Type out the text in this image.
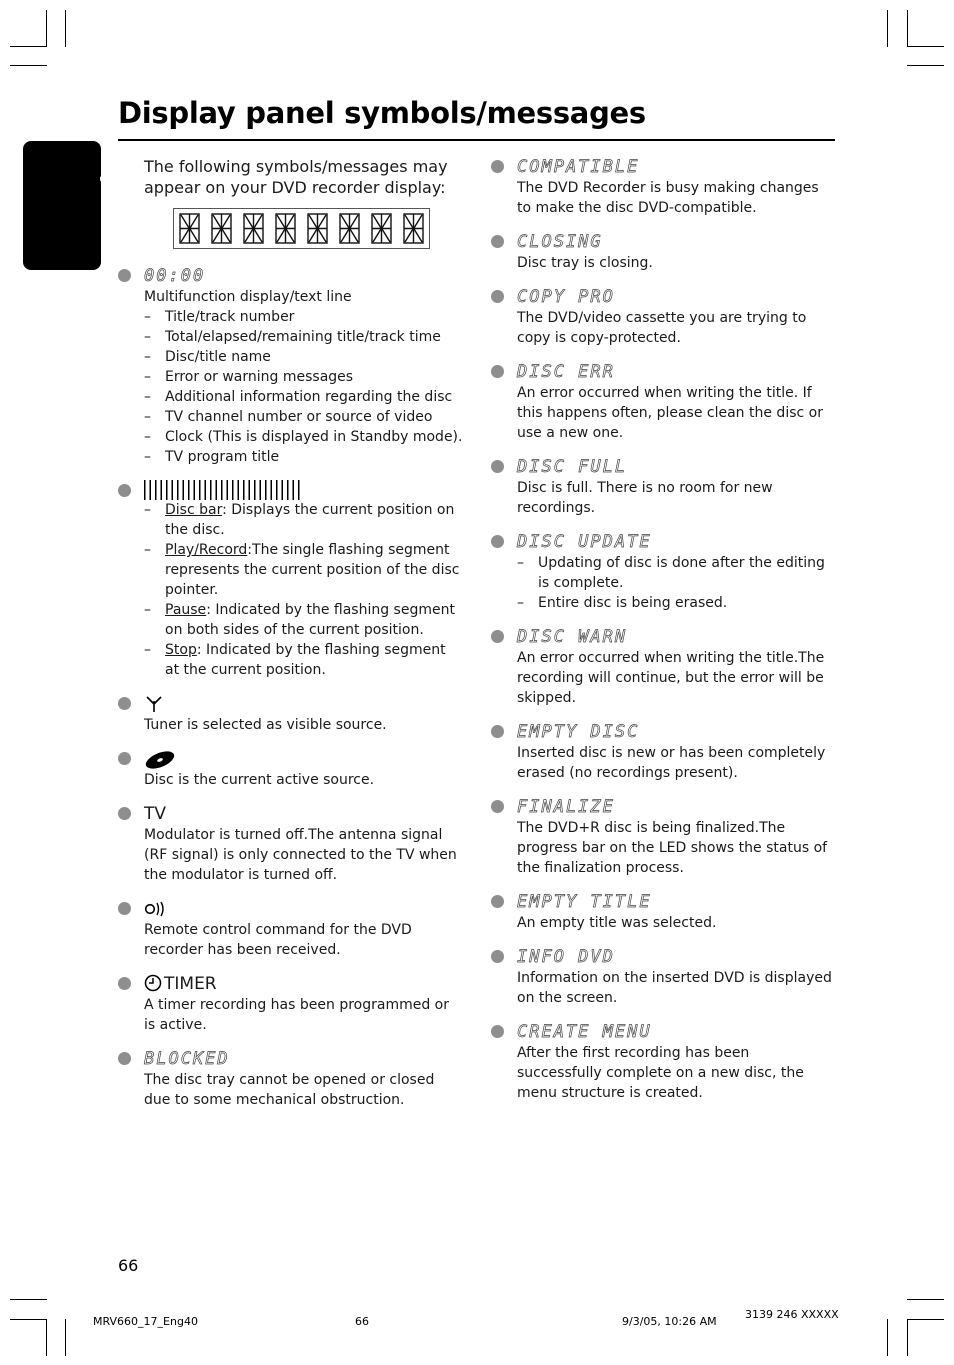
English
Display panel symbols/messages

The following symbols/messages may appear on your DVD recorder display:

00:00
Multifunction display/text line
– Title/track number
– Total/elapsed/remaining title/track time
– Disc/title name
– Error or warning messages
– Additional information regarding the disc
– TV channel number or source of video
– Clock (This is displayed in Standby mode).
– TV program title
– Disc bar: Displays the current position on the disc.
– Play/Record:The single flashing segment represents the current position of the disc pointer.
– Pause: Indicated by the flashing segment on both sides of the current position.
– Stop: Indicated by the flashing segment at the current position.
Tuner is selected as visible source.
Disc is the current active source.
TV
Modulator is turned off.The antenna signal (RF signal) is only connected to the TV when the modulator is turned off.
Remote control command for the DVD recorder has been received.
TIMER
A timer recording has been programmed or is active.
BLOCKED
The disc tray cannot be opened or closed due to some mechanical obstruction.
COMPATIBLE
The DVD Recorder is busy making changes to make the disc DVD-compatible.
CLOSING
Disc tray is closing.
COPY PRO
The DVD/video cassette you are trying to copy is copy-protected.
DISC ERR
An error occurred when writing the title. If this happens often, please clean the disc or use a new one.
DISC FULL
Disc is full. There is no room for new recordings.
DISC UPDATE
– Updating of disc is done after the editing is complete.
– Entire disc is being erased.
DISC WARN
An error occurred when writing the title.The recording will continue, but the error will be skipped.
EMPTY DISC
Inserted disc is new or has been completely erased (no recordings present).
FINALIZE
The DVD+R disc is being finalized.The progress bar on the LED shows the status of the finalization process.
EMPTY TITLE
An empty title was selected.
INFO DVD
Information on the inserted DVD is displayed on the screen.
CREATE MENU
After the first recording has been successfully complete on a new disc, the menu structure is created.
66
MRV660_17_Eng40	66	9/3/05, 10:26 AM
3139 246 XXXXX
